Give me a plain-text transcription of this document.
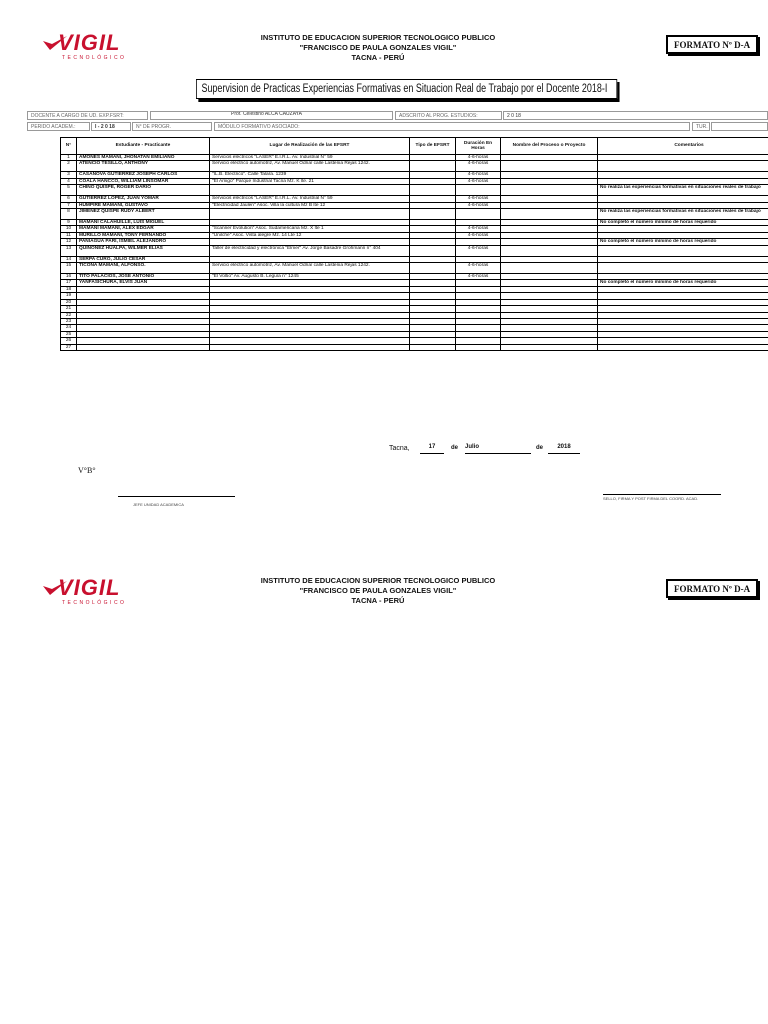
VIGIL
TECNOLÓGICO
INSTITUTO DE EDUCACION SUPERIOR TECNOLOGICO PUBLICO
"FRANCISCO DE PAULA GONZALES VIGIL"
TACNA - PERÚ
FORMATO Nº D-A
Supervision de Practicas Experiencias Formativas en Situacion Real de Trabajo por el Docente 2018-I
DOCENTE A CARGO DE UD. EXP.FSRT:	Prof. Celestino ALCA CAUZAYA	ADSCRITO AL PROG. ESTUDIOS:	2 0 18
PERIDO ACADEM.:	I - 2 0 18	N° DE PROGR.	MÓDULO FORMATIVO ASOCIADO:	TUR.
N°	Estudiante - Practicante	Lugar de Realización de las EFSRT	Tipo de EFSRT	Duración En Horas	Nombre del Proceso o Proyecto	Comentarios
1	AMONES MAMANI, JHONATAN EMILIANO	Servicios eléctricos "LASER" E.I.R.L. Av. Industrial N° 59		4-6-horas		
2	ATENCIO TESILLO, ANTHONY	Servicio eléctrico automotriz, Av. Manuel Odria/ calle Lastenia Rejas 1242.		4-6-horas		
3	CASANOVA GUTIERREZ JOSEPH CARLOS	"IL.B. Electrico". Calle Talara. 1239		4-6-horas		
4	COALA HANCCO, WILLIAM LINSOMAR	"El Amigo" Parque Industrial Tacna Mz. K lte. 21		4-6-horas		
5	CHINO QUISPE, ROGER DARIO					No realiza las experiencias formativas en situaciones reales de trabajo
6	GUTIERREZ LOPEZ, JUAN YOMAR	Servicios eléctricos "LASER" E.I.R.L. Av. Industrial N° 59		4-6-horas		
7	HUMPIRE MAMANI, GUSTAVO	"Electricidad Jaulen" Asoc. Villa la cultura Mz B lte 12		4-6-horas		
8	JIMENEZ QUISPE RUDY ALBERT					No realiza las experiencias formativas en situaciones reales de trabajo
9	MAMANI CALAHUILLE, LUIS MIGUEL					No completó el número mínimo de horas requerido
10	MAMANI MAMANI, ALEX EDGAR	"Scanner Evolution" Asoc. Sudamericana Mz. X lte 1		4-6-horas		
11	MURILLO MAMANI, TONY FERNANDO	"Unilche" Asoc. Vista alegre Mz. 14 Lte 12		4-6-horas		
12	PANIAGUA PARI, ISMIEL ALEJANDRO					No completó el número mínimo de horas requerido
13	QUIÑONEZ HUALPA, WILMER ELIAS	Taller de electricidad y electrónica "Elmer" Av. Jorge Basadre Grohmann n° 404		4-6-horas		
14	SERPA CURO, JULIO CESAR					
15	TICONA MAMANI, ALFONSO.	Servicio eléctrico automotriz, Av. Manuel Odria/ calle Lastenia Rejas 1242.		4-6-horas		
16	TITO PALACIOS, JOSE ANTONIO	"El Voltio" Av. Augusto B. Leguía n° 1245		4-6-horas		
17	YANFASICHURA, ELVIS JUAN					No completó el número mínimo de horas requerido
18						
19						
20						
21						
22						
23						
24						
25						
26						
27						
Tacna,	17	de Julio	de	2018
V°B°
JEFE UNIDAD ACADEMICA
SELLO, FIRMA Y POST FIRMA DEL COORD. ACAD.
VIGIL
TECNOLÓGICO
INSTITUTO DE EDUCACION SUPERIOR TECNOLOGICO PUBLICO
"FRANCISCO DE PAULA GONZALES VIGIL"
TACNA - PERÚ
FORMATO Nº D-A
